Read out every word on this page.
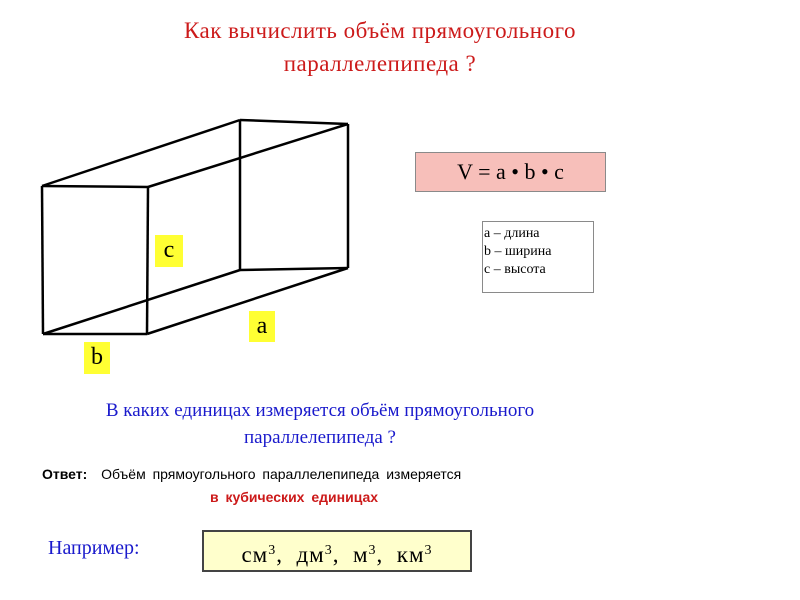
Как вычислить объём прямоугольного
параллелепипеда ?
c
a
b
V = a • b • c
a – длина
b – ширина
c – высота
В каких единицах измеряется объём прямоугольного
параллелепипеда ?
Ответ: Объём прямоугольного параллелепипеда измеряется
в кубических единицах
Например:	$см^3$,  $дм^3$,  $м^3$,  $км^3$
